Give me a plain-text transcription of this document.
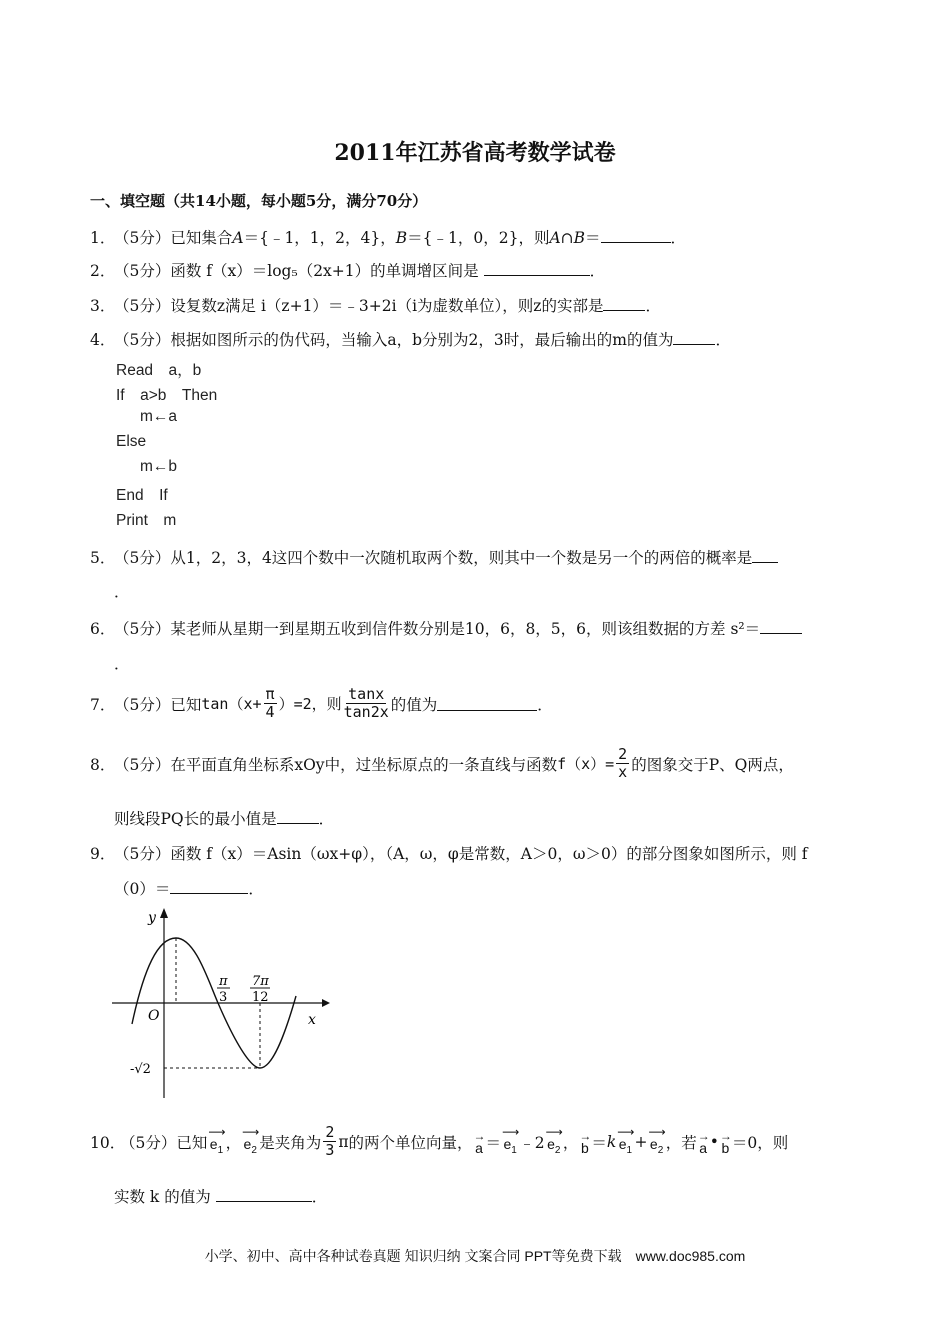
2011年江苏省高考数学试卷
一、填空题（共14小题，每小题5分，满分70分）
1．（5分）已知集合A＝{﹣1，1，2，4}，B＝{﹣1，0，2}，则A∩B＝	．
2．（5分）函数 f（x）＝log₅（2x+1）的单调增区间是	．
3．（5分）设复数z满足 i（z+1）＝﹣3+2i（i为虚数单位），则z的实部是	．
4．（5分）根据如图所示的伪代码，当输入a，b分别为2，3时，最后输出的m的值为	．
Read　a，b
If　a>b　Then
m←a
Else
m←b
End　If
Print　m
5．（5分）从1，2，3，4这四个数中一次随机取两个数，则其中一个数是另一个的两倍的概率是
．
6．（5分）某老师从星期一到星期五收到信件数分别是10，6，8，5，6，则该组数据的方差 s²＝
．
7．
（5分）已知 $\tan(x+ \frac{\pi}{4} )=2$，则 $\frac{\tan x}{\tan 2x}$ 的值为	．
8．
（5分）在平面直角坐标系xOy中，过坐标原点的一条直线与函数 $f(x)= \frac{2}{x}$ 的图象交于P、Q两点，
则线段PQ长的最小值是	．
9．（5分）函数 f（x）＝Asin（ωx+φ），（A，ω，φ是常数，A＞0，ω＞0）的部分图象如图所示，则 f
（0）＝	．
y
x
O
π
3
7π
12
-√2
10．
（5分）已知
⟶
$e_1$ ，
⟶
$e_2$ 是夹角为 $\frac{2}{3}$ π 的两个单位向量， →
a ＝
⟶
$e_1$ ﹣2
⟶
$e_2$ ， →
b ＝ k
⟶
$e_1$ +
⟶
$e_2$ ，若 →
a • →
b ＝0，则
实数 k 的值为	．
小学、初中、高中各种试卷真题 知识归纳 文案合同 PPT等免费下载　www.doc985.com
